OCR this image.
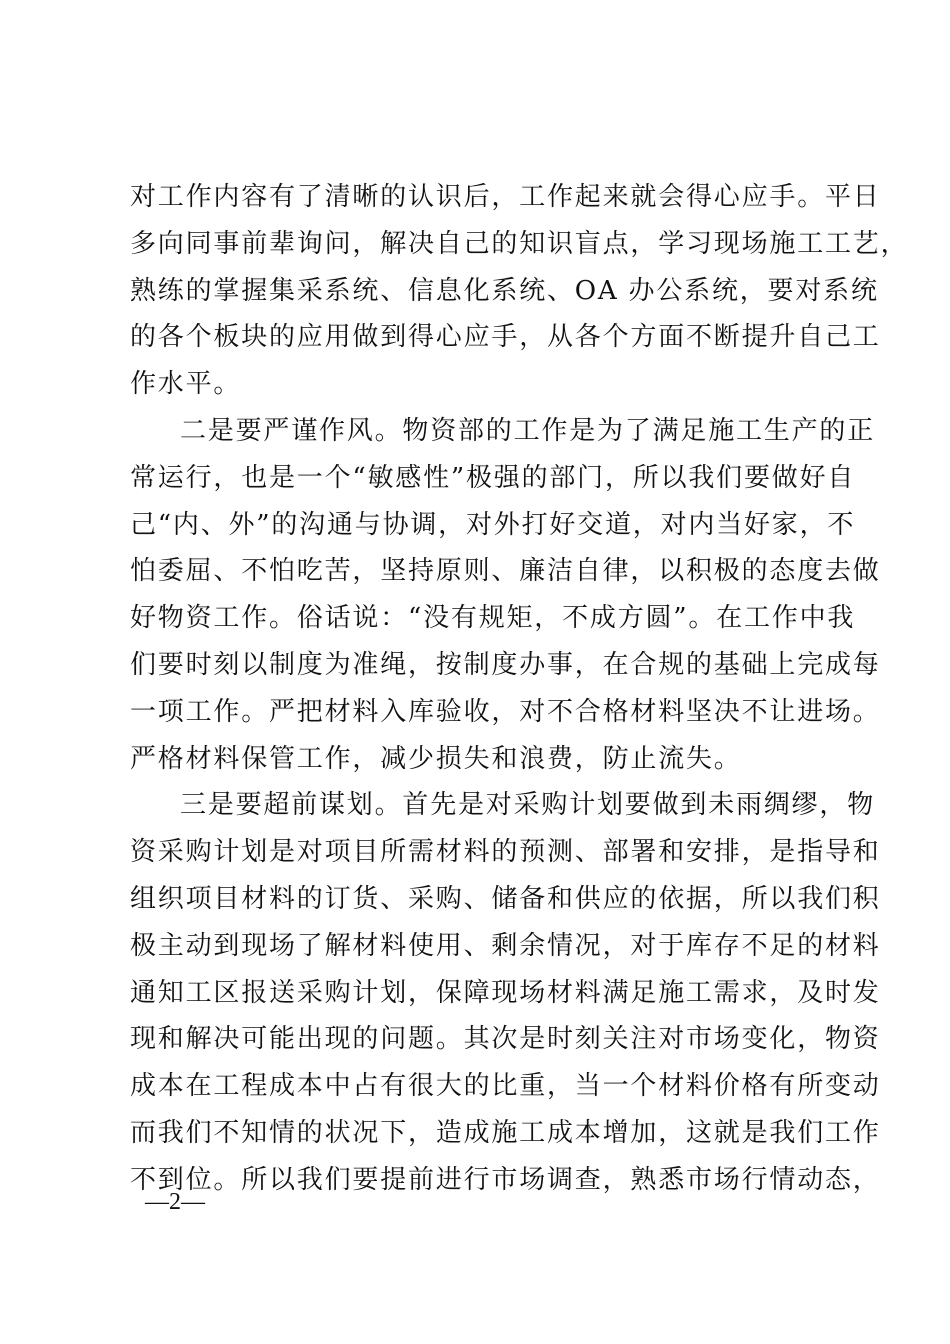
对工作内容有了清晰的认识后，工作起来就会得心应手。平日
多向同事前辈询问，解决自己的知识盲点，学习现场施工工艺，
熟练的掌握集采系统、信息化系统、OA 办公系统，要对系统
的各个板块的应用做到得心应手，从各个方面不断提升自己工
作水平。
二是要严谨作风。物资部的工作是为了满足施工生产的正
常运行，也是一个“敏感性”极强的部门，所以我们要做好自
己“内、外”的沟通与协调，对外打好交道，对内当好家，不
怕委屈、不怕吃苦，坚持原则、廉洁自律，以积极的态度去做
好物资工作。俗话说：“没有规矩，不成方圆”。在工作中我
们要时刻以制度为准绳，按制度办事，在合规的基础上完成每
一项工作。严把材料入库验收，对不合格材料坚决不让进场。
严格材料保管工作，减少损失和浪费，防止流失。
三是要超前谋划。首先是对采购计划要做到未雨绸缪，物
资采购计划是对项目所需材料的预测、部署和安排，是指导和
组织项目材料的订货、采购、储备和供应的依据，所以我们积
极主动到现场了解材料使用、剩余情况，对于库存不足的材料
通知工区报送采购计划，保障现场材料满足施工需求，及时发
现和解决可能出现的问题。其次是时刻关注对市场变化，物资
成本在工程成本中占有很大的比重，当一个材料价格有所变动
而我们不知情的状况下，造成施工成本增加，这就是我们工作
不到位。所以我们要提前进行市场调查，熟悉市场行情动态，
—2—
